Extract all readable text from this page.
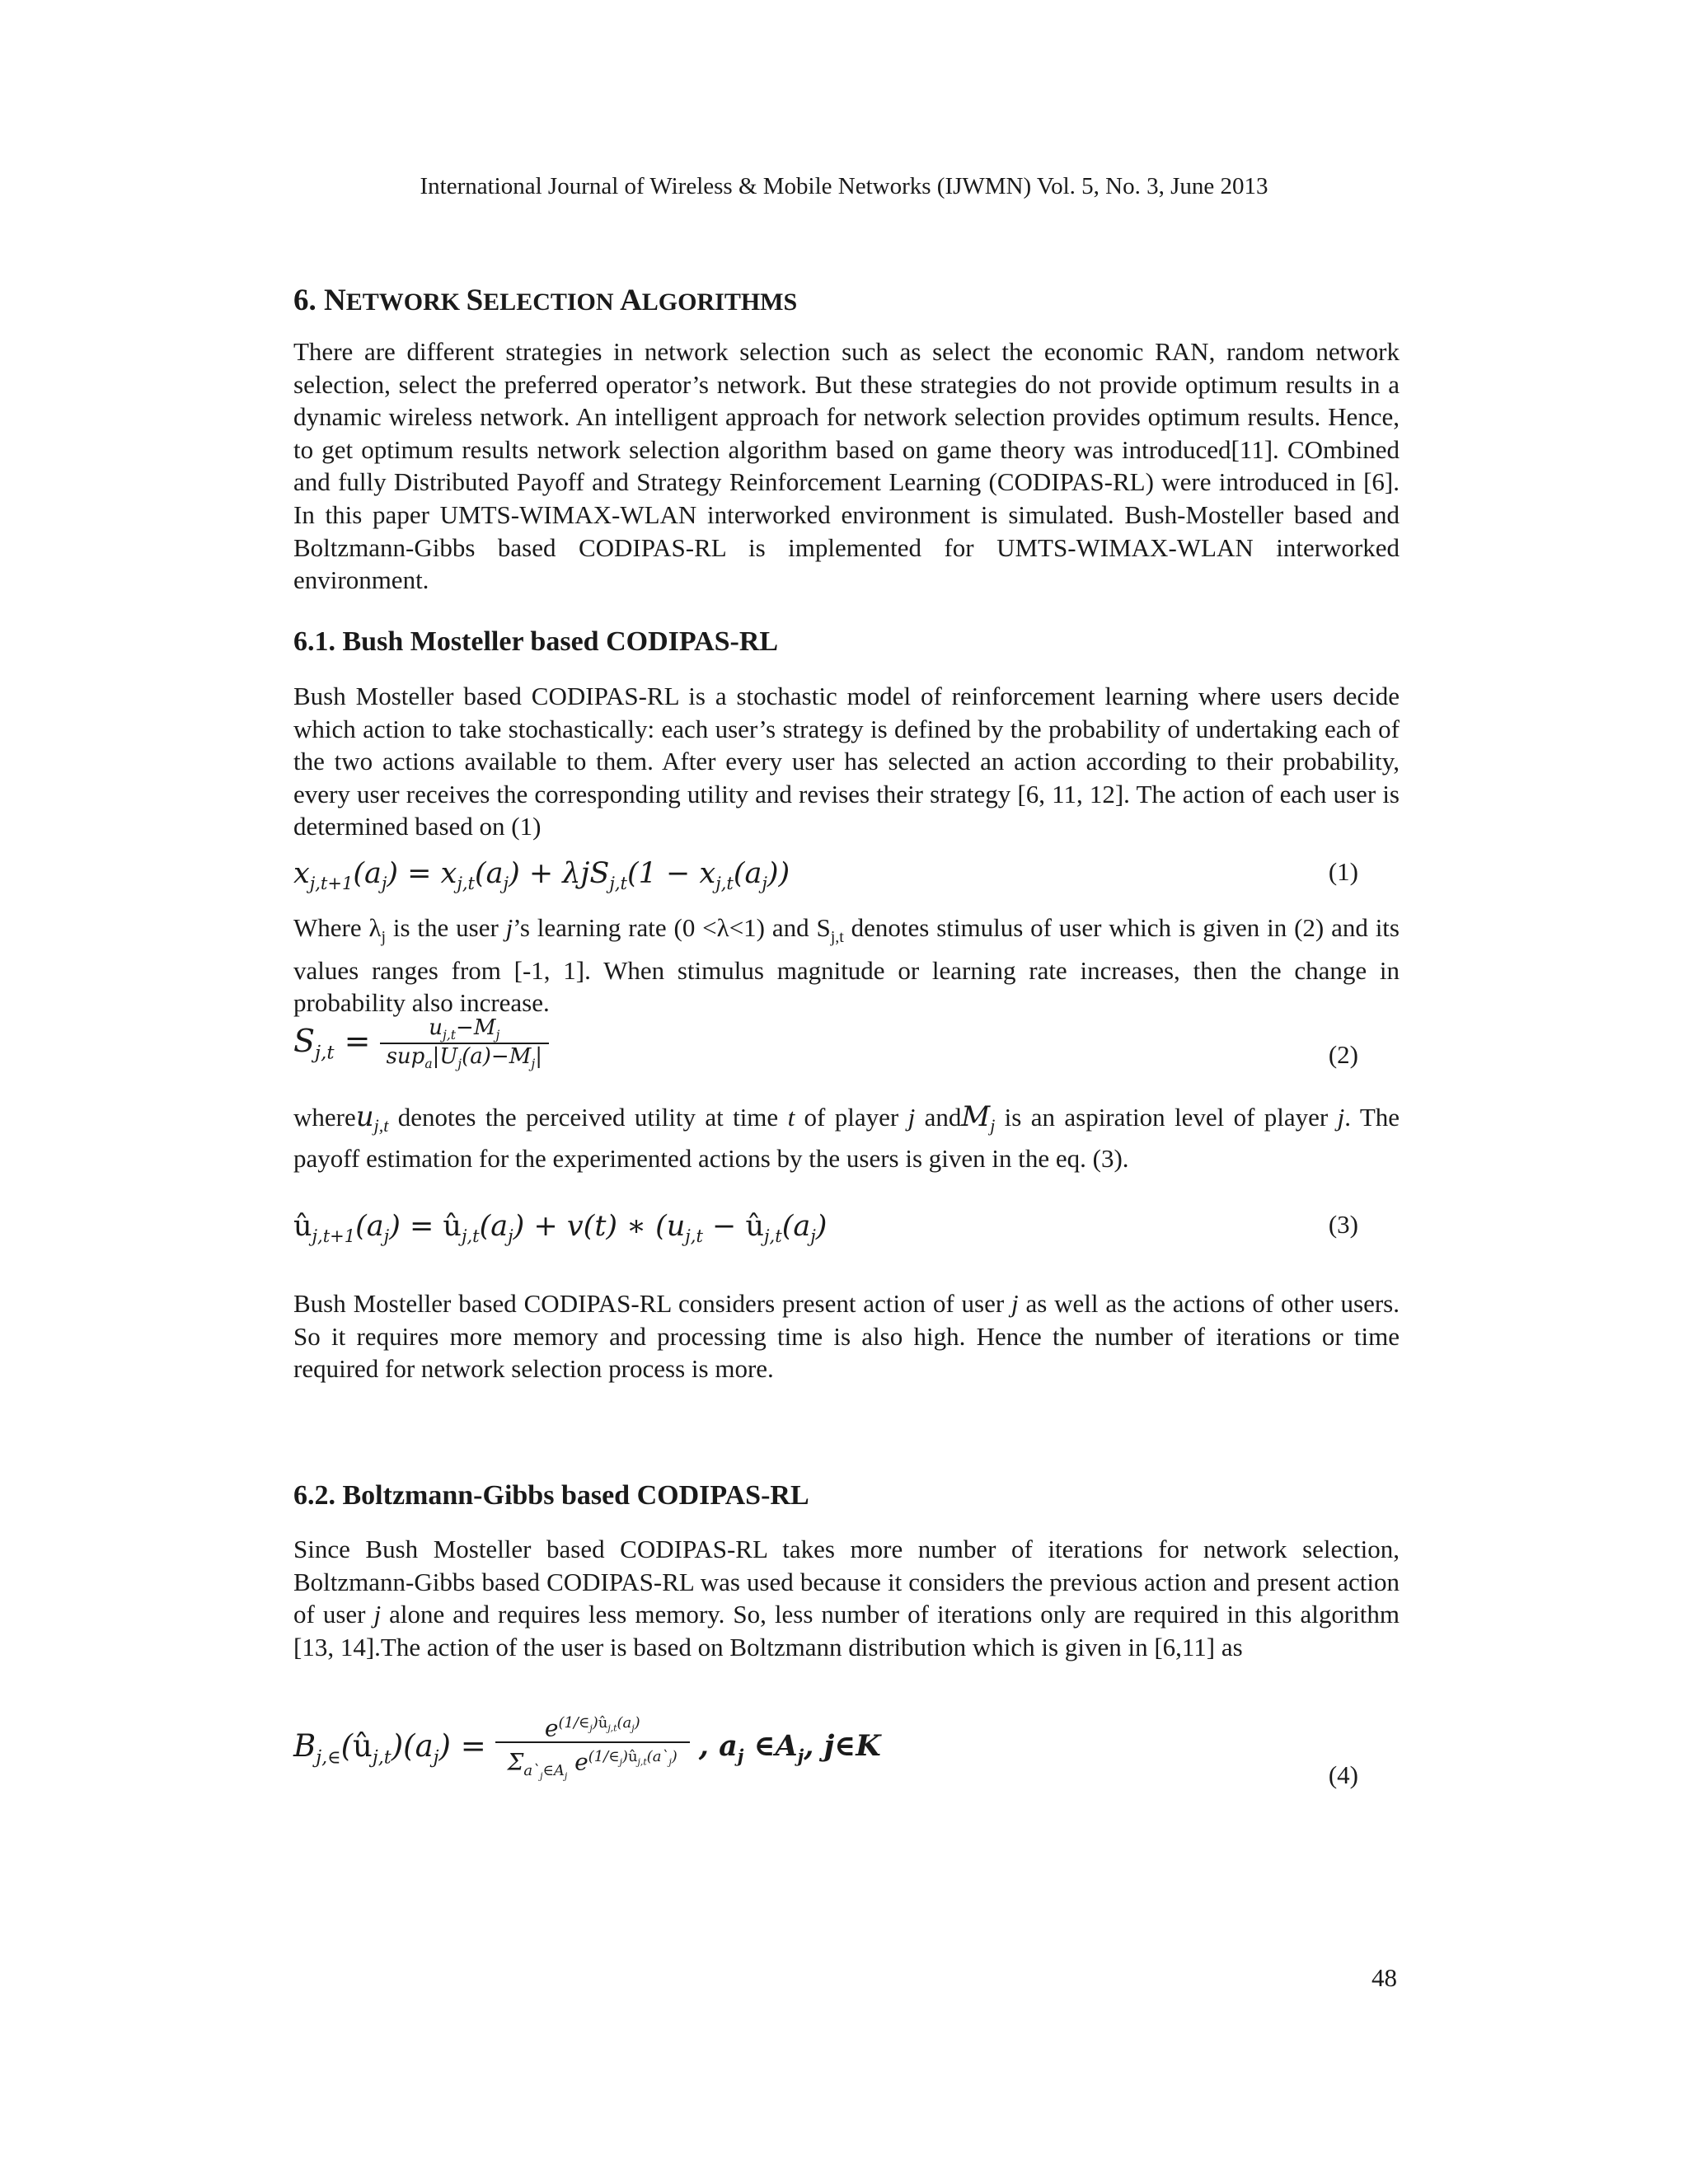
International Journal of Wireless & Mobile Networks (IJWMN) Vol. 5, No. 3, June 2013
6. NETWORK SELECTION ALGORITHMS

There are different strategies in network selection such as select the economic RAN, random network selection, select the preferred operator’s network. But these strategies do not provide optimum results in a dynamic wireless network. An intelligent approach for network selection provides optimum results. Hence, to get optimum results network selection algorithm based on game theory was introduced[11]. COmbined and fully Distributed Payoff and Strategy Reinforcement Learning (CODIPAS-RL) were introduced in [6]. In this paper UMTS-WIMAX-WLAN interworked environment is simulated. Bush-Mosteller based and Boltzmann-Gibbs based CODIPAS-RL is implemented for UMTS-WIMAX-WLAN interworked environment.

6.1. Bush Mosteller based CODIPAS-RL

Bush Mosteller based CODIPAS-RL is a stochastic model of reinforcement learning where users decide which action to take stochastically: each user’s strategy is defined by the probability of undertaking each of the two actions available to them. After every user has selected an action according to their probability, every user receives the corresponding utility and revises their strategy [6, 11, 12]. The action of each user is determined based on (1)

$x_{j,t+1}(a_j) = x_{j,t}(a_j) + \lambda jS_{j,t}(1 - x_{j,t}(a_j))$	(1)

Where $\lambda_j$ is the user j’s learning rate (0 <λ<1) and $S_{j,t}$ denotes stimulus of user which is given in (2) and its values ranges from [-1, 1]. When stimulus magnitude or learning rate increases, then the change in probability also increase.

$S_{j,t} = \frac{u_{j,t}-M_j}{sup_a|U_j(a)-M_j|}$	(2)

whereu$_{j,t}$ denotes the perceived utility at time t of player j andM$_j$ is an aspiration level of player j. The payoff estimation for the experimented actions by the users is given in the eq. (3).

$û_{j,t+1}(a_j)$ = $û_{j,t}(a_j) + v(t)$ ∗ ($u_{j,t}$ − $û_{j,t}(a_j)$	(3)

Bush Mosteller based CODIPAS-RL considers present action of user j as well as the actions of other users. So it requires more memory and processing time is also high. Hence the number of iterations or time required for network selection process is more.

6.2. Boltzmann-Gibbs based CODIPAS-RL

Since Bush Mosteller based CODIPAS-RL takes more number of iterations for network selection, Boltzmann-Gibbs based CODIPAS-RL was used because it considers the previous action and present action of user j alone and requires less memory. So, less number of iterations only are required in this algorithm [13, 14].The action of the user is based on Boltzmann distribution which is given in [6,11] as

$B_{j,\in}(û_{j,t})(a_j) = \frac{e^{(1/\in_j)û_{j,t}(a_j)}}{\Sigma_{a`_j\in A_j} e^{(1/\in_j)û_{j,t}(a`_j)}}$ , $a_j$ $\in A_j$, j∈K
(4)
48
